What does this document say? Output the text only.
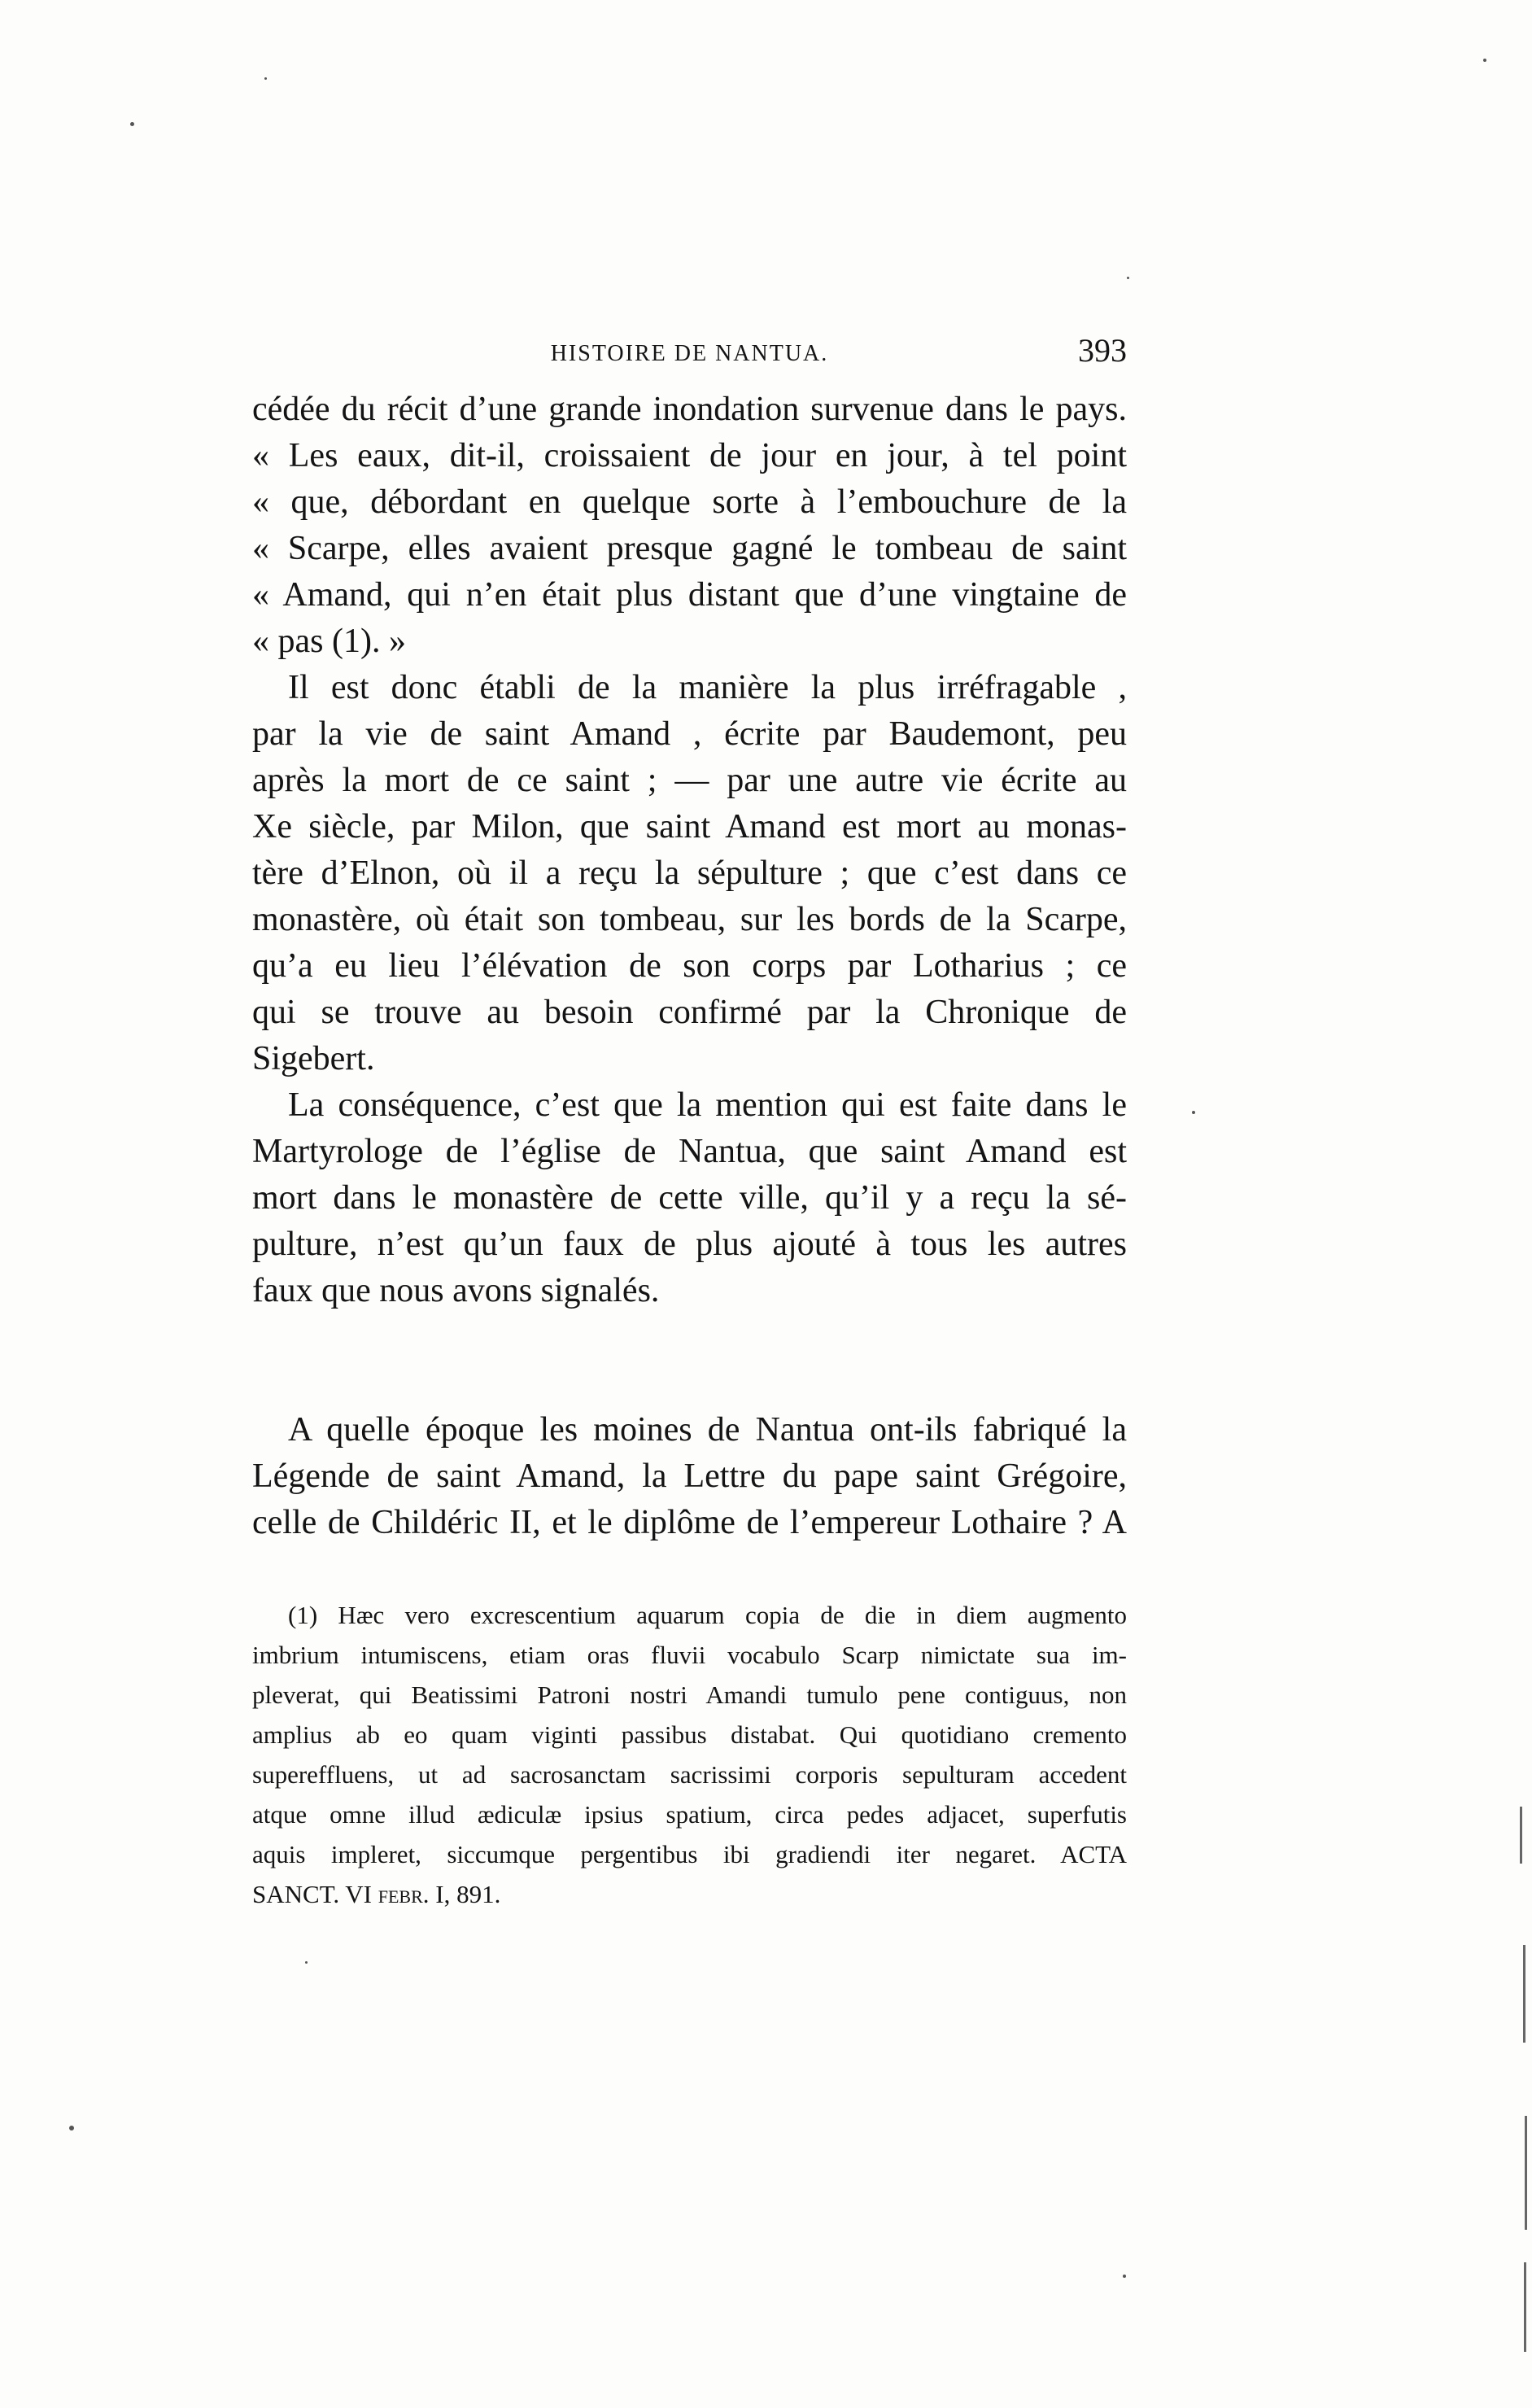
HISTOIRE DE NANTUA.	393
cédée du récit d’une grande inondation survenue dans le pays.
« Les eaux, dit-il, croissaient de jour en jour, à tel point
« que, débordant en quelque sorte à l’embouchure de la
« Scarpe, elles avaient presque gagné le tombeau de saint
« Amand, qui n’en était plus distant que d’une vingtaine de
« pas (1). »
Il est donc établi de la manière la plus irréfragable ,
par la vie de saint Amand , écrite par Baudemont, peu
après la mort de ce saint ; — par une autre vie écrite au
Xe siècle, par Milon, que saint Amand est mort au monas-
tère d’Elnon, où il a reçu la sépulture ; que c’est dans ce
monastère, où était son tombeau, sur les bords de la Scarpe,
qu’a eu lieu l’élévation de son corps par Lotharius ; ce
qui se trouve au besoin confirmé par la Chronique de
Sigebert.
La conséquence, c’est que la mention qui est faite dans le
Martyrologe de l’église de Nantua, que saint Amand est
mort dans le monastère de cette ville, qu’il y a reçu la sé-
pulture, n’est qu’un faux de plus ajouté à tous les autres
faux que nous avons signalés.
A quelle époque les moines de Nantua ont-ils fabriqué la
Légende de saint Amand, la Lettre du pape saint Grégoire,
celle de Childéric II, et le diplôme de l’empereur Lothaire ? A
(1) Hæc vero excrescentium aquarum copia de die in diem augmento
imbrium intumiscens, etiam oras fluvii vocabulo Scarp nimictate sua im-
pleverat, qui Beatissimi Patroni nostri Amandi tumulo pene contiguus, non
amplius ab eo quam viginti passibus distabat. Qui quotidiano cremento
supereffluens, ut ad sacrosanctam sacrissimi corporis sepulturam accedent
atque omne illud ædiculæ ipsius spatium, circa pedes adjacet, superfutis
aquis impleret, siccumque pergentibus ibi gradiendi iter negaret. ACTA
SANCT. VI febr. I, 891.
